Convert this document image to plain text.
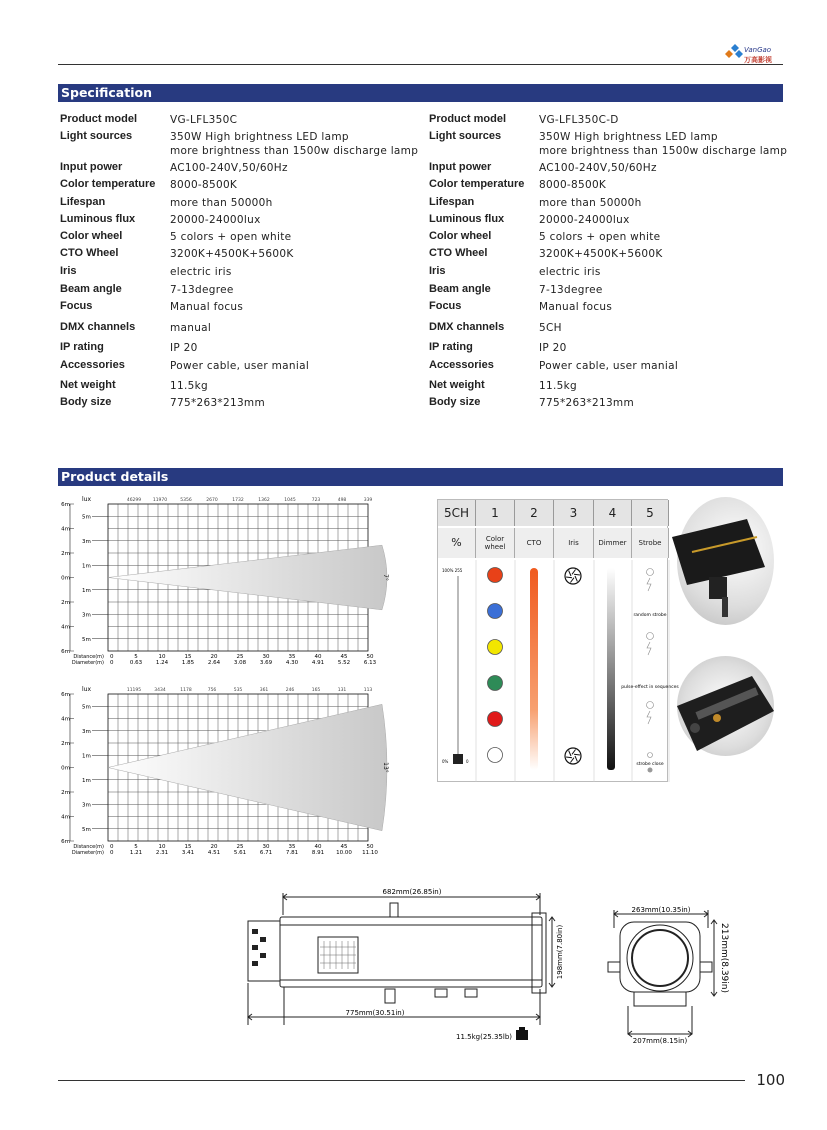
VanGao
万高影视
Specification
Product model	VG-LFL350C
Light sources	350W High brightness LED lamp
more brightness than 1500w discharge lamp
Input power	AC100-240V,50/60Hz
Color temperature 8000-8500K
Lifespan	more than 50000h
Luminous flux	20000-24000lux
Color wheel	5 colors + open white
CTO Wheel	3200K+4500K+5600K
Iris	electric iris
Beam angle	7-13degree
Focus	Manual focus
DMX channels	manual
IP rating	IP 20
Accessories	Power cable, user manial
Net weight	11.5kg
Body size	775*263*213mm
Product model	VG-LFL350C-D
Light sources	350W High brightness LED lamp
more brightness than 1500w discharge lamp
Input power	AC100-240V,50/60Hz
Color temperature 8000-8500K
Lifespan	more than 50000h
Luminous flux	20000-24000lux
Color wheel	5 colors + open white
CTO Wheel	3200K+4500K+5600K
Iris	electric iris
Beam angle	7-13degree
Focus	Manual focus
DMX channels	5CH
IP rating	IP 20
Accessories	Power cable, user manial
Net weight	11.5kg
Body size	775*263*213mm
Product details
7°
6m
4m
2m
0m
2m
4m
6m
5m
3m
1m
1m
3m
5m
lux	46299	11970	5356	2670	1732	1362	1045	723	498	339
Distance(m)
Diameter(m)
0	5	10	15	20	25	30	35	40	45	50
0	0.63	1.24	1.85	2.64	3.08	3.69	4.30	4.91	5.52	6.13
13°
6m
4m
2m
0m
2m
4m
6m
5m
3m
1m
1m
3m
5m
lux	11195	3434	1178	756	535	361	246	165	131	113
Distance(m)
Diameter(m)
0	5	10	15	20	25	30	35	40	45	50
0	1.21	2.31	3.41	4.51	5.61	6.71	7.81	8.91 10.00 11.10
5CH	1	2	3	4	5
%	Color wheel	CTO	Iris	Dimmer	Strobe
100% 255
0%	0
random strobe
pulse-effect in sequences
strobe close
682mm(26.85in)
775mm(30.51in)
198mm(7.80in)
11.5kg(25.35lb)
263mm(10.35in)
207mm(8.15in)
213mm(8.39in)
100
